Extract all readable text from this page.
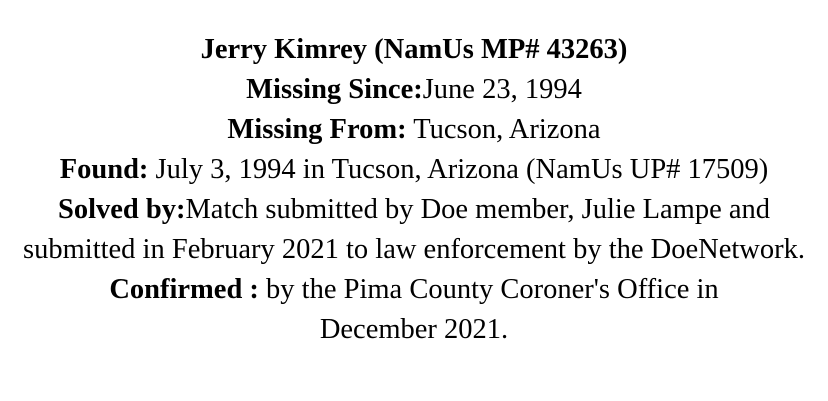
Jerry Kimrey (NamUs MP# 43263)
Missing Since:June 23, 1994
Missing From: Tucson, Arizona
Found: July 3, 1994 in Tucson, Arizona (NamUs UP# 17509)
Solved by:Match submitted by Doe member, Julie Lampe and submitted in February 2021 to law enforcement by the DoeNetwork.
Confirmed : by the Pima County Coroner's Office in December 2021.
